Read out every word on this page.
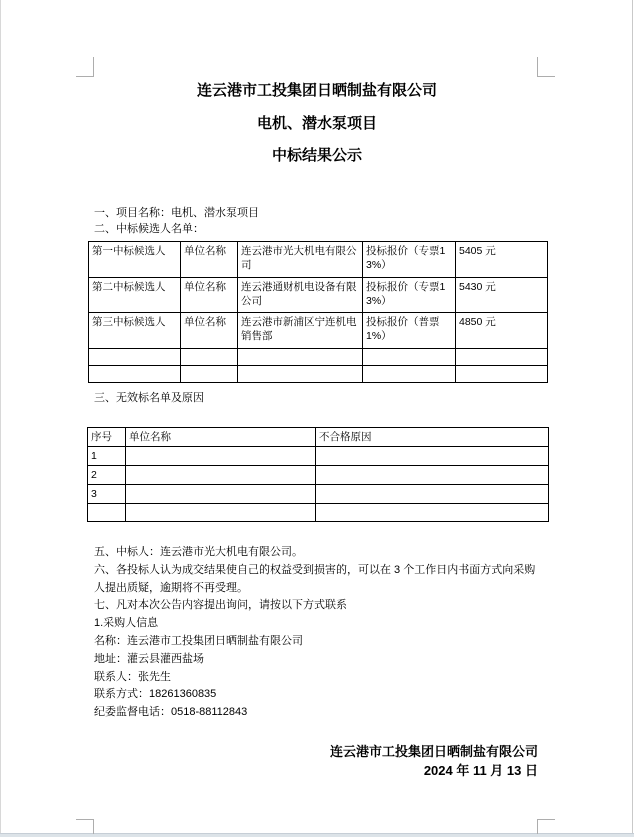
连云港市工投集团日晒制盐有限公司
电机、潜水泵项目
中标结果公示
一、项目名称：电机、潜水泵项目
二、中标候选人名单：
第一中标候选人	单位名称	连云港市光大机电有限公司	投标报价（专票13%）	5405 元
第二中标候选人	单位名称	连云港通财机电设备有限公司	投标报价（专票13%）	5430 元
第三中标候选人	单位名称	连云港市新浦区宁连机电销售部	投标报价（普票1%）	4850 元

三、无效标名单及原因
序号	单位名称	不合格原因
1		
2		
3		

五、中标人：连云港市光大机电有限公司。
六、各投标人认为成交结果使自己的权益受到损害的，可以在 3 个工作日内书面方式向采购
人提出质疑，逾期将不再受理。
七、凡对本次公告内容提出询问，请按以下方式联系
1.采购人信息
名称：连云港市工投集团日晒制盐有限公司
地址：灌云县灌西盐场
联系人：张先生
联系方式：18261360835
纪委监督电话：0518-88112843
连云港市工投集团日晒制盐有限公司
2024 年 11 月 13 日
